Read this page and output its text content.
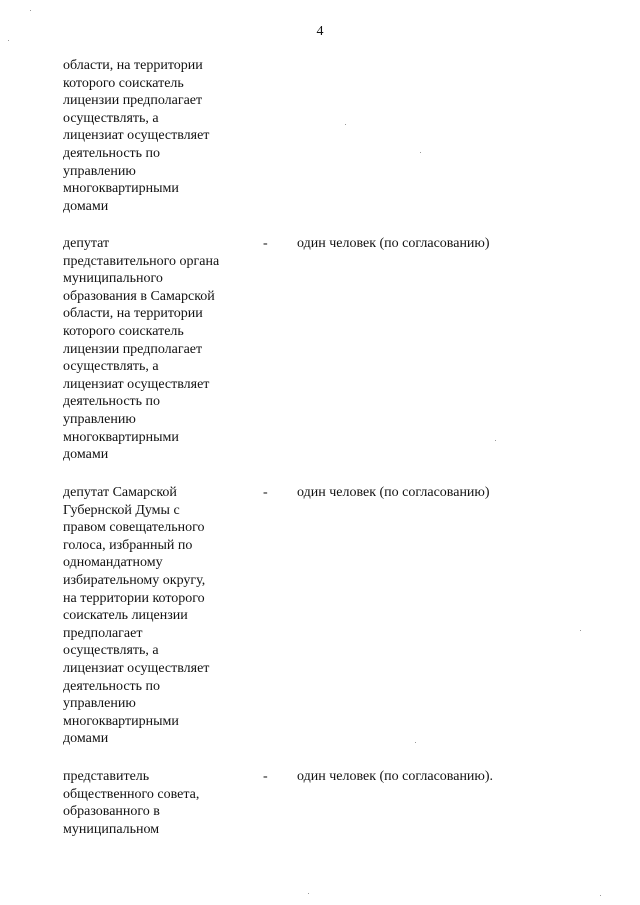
4
области, на территории
которого соискатель
лицензии предполагает
осуществлять, а
лицензиат осуществляет
деятельность по
управлению
многоквартирными
домами
депутат
представительного органа
муниципального
образования в Самарской
области, на территории
которого соискатель
лицензии предполагает
осуществлять, а
лицензиат осуществляет
деятельность по
управлению
многоквартирными
домами
- один человек (по согласованию)
депутат Самарской
Губернской Думы с
правом совещательного
голоса, избранный по
одномандатному
избирательному округу,
на территории которого
соискатель лицензии
предполагает
осуществлять, а
лицензиат осуществляет
деятельность по
управлению
многоквартирными
домами
- один человек (по согласованию)
представитель
общественного совета,
образованного в
муниципальном
- один человек (по согласованию).
